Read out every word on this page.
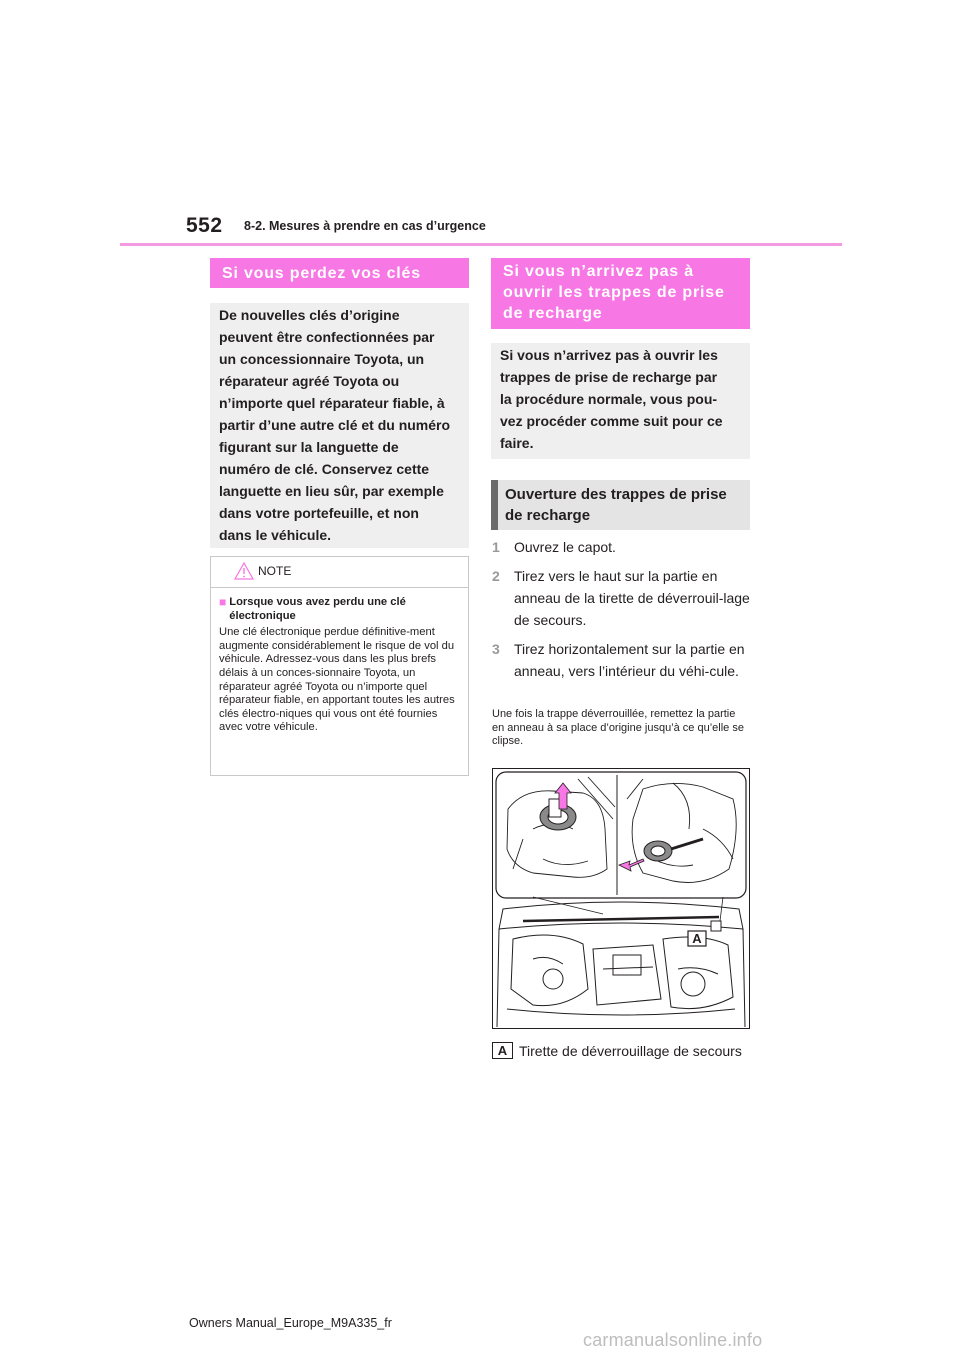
552 8-2. Mesures à prendre en cas d’urgence
Si vous perdez vos clés
De nouvelles clés d’origine
peuvent être confectionnées par
un concessionnaire Toyota, un
réparateur agréé Toyota ou
n’importe quel réparateur fiable, à
partir d’une autre clé et du numéro
figurant sur la languette de
numéro de clé. Conservez cette
languette en lieu sûr, par exemple
dans votre portefeuille, et non
dans le véhicule.
NOTE
■ Lorsque vous avez perdu une clé électronique
Une clé électronique perdue définitive-ment augmente considérablement le risque de vol du véhicule. Adressez-vous dans les plus brefs délais à un conces-sionnaire Toyota, un réparateur agréé Toyota ou n’importe quel réparateur fiable, en apportant toutes les autres clés électro-niques qui vous ont été fournies avec votre véhicule.
Si vous n’arrivez pas à ouvrir les trappes de prise de recharge
Si vous n’arrivez pas à ouvrir les
trappes de prise de recharge par
la procédure normale, vous pou-
vez procéder comme suit pour ce
faire.
Ouverture des trappes de prise de recharge
1	Ouvrez le capot.
2	Tirez vers le haut sur la partie en anneau de la tirette de déverrouil-lage de secours.
3	Tirez horizontalement sur la partie en anneau, vers l’intérieur du véhi-cule.
Une fois la trappe déverrouillée, remettez la partie en anneau à sa place d’origine jusqu’à ce qu’elle se clipse.
A
A Tirette de déverrouillage de secours
Owners Manual_Europe_M9A335_fr
carmanualsonline.info
